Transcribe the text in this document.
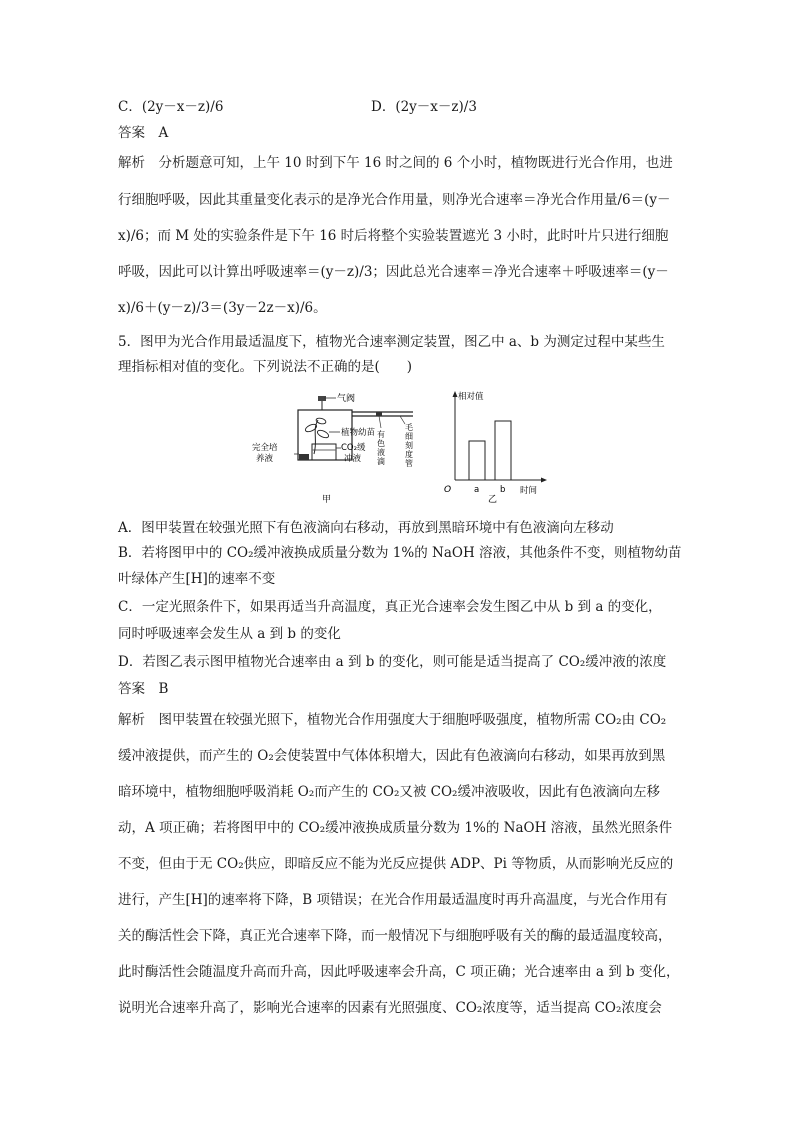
C．(2y－x－z)/6	D．(2y－x－z)/3
答案　A
解析　分析题意可知，上午 10 时到下午 16 时之间的 6 个小时，植物既进行光合作用，也进
行细胞呼吸，因此其重量变化表示的是净光合作用量，则净光合速率＝净光合作用量/6＝(y－
x)/6；而 M 处的实验条件是下午 16 时后将整个实验装置遮光 3 小时，此时叶片只进行细胞
呼吸，因此可以计算出呼吸速率＝(y－z)/3；因此总光合速率＝净光合速率＋呼吸速率＝(y－
x)/6＋(y－z)/3＝(3y－2z－x)/6。
5．图甲为光合作用最适温度下，植物光合速率测定装置，图乙中 a、b 为测定过程中某些生
理指标相对值的变化。下列说法不正确的是(　　)
气阀
植物幼苗
CO₂缓
冲液
完全培
养液
有
色
液
滴
毛
细
刻
度
管
甲
相对值
O	a b 时间
乙
A．图甲装置在较强光照下有色液滴向右移动，再放到黑暗环境中有色液滴向左移动
B．若将图甲中的 CO₂缓冲液换成质量分数为 1%的 NaOH 溶液，其他条件不变，则植物幼苗
叶绿体产生[H]的速率不变
C．一定光照条件下，如果再适当升高温度，真正光合速率会发生图乙中从 b 到 a 的变化，
同时呼吸速率会发生从 a 到 b 的变化
D．若图乙表示图甲植物光合速率由 a 到 b 的变化，则可能是适当提高了 CO₂缓冲液的浓度
答案　B
解析　图甲装置在较强光照下，植物光合作用强度大于细胞呼吸强度，植物所需 CO₂由 CO₂
缓冲液提供，而产生的 O₂会使装置中气体体积增大，因此有色液滴向右移动，如果再放到黑
暗环境中，植物细胞呼吸消耗 O₂而产生的 CO₂又被 CO₂缓冲液吸收，因此有色液滴向左移
动，A 项正确；若将图甲中的 CO₂缓冲液换成质量分数为 1%的 NaOH 溶液，虽然光照条件
不变，但由于无 CO₂供应，即暗反应不能为光反应提供 ADP、Pi 等物质，从而影响光反应的
进行，产生[H]的速率将下降，B 项错误；在光合作用最适温度时再升高温度，与光合作用有
关的酶活性会下降，真正光合速率下降，而一般情况下与细胞呼吸有关的酶的最适温度较高，
此时酶活性会随温度升高而升高，因此呼吸速率会升高，C 项正确；光合速率由 a 到 b 变化，
说明光合速率升高了，影响光合速率的因素有光照强度、CO₂浓度等，适当提高 CO₂浓度会
